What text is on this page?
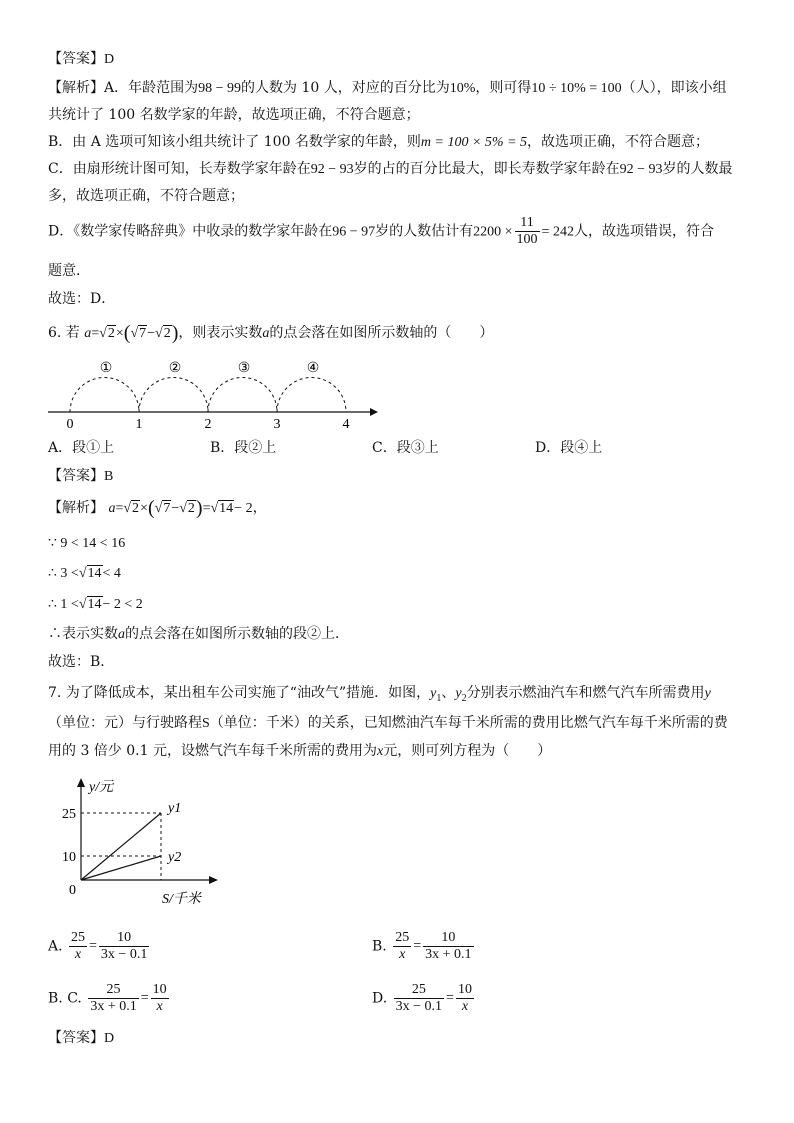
【答案】D
【解析】A．年龄范围为98 − 99的人数为 10 人，对应的百分比为10%，则可得10 ÷ 10% = 100（人），即该小组
共统计了 100 名数学家的年龄，故选项正确，不符合题意；
B．由 A 选项可知该小组共统计了 100 名数学家的年龄，则m = 100 × 5% = 5，故选项正确，不符合题意；
C．由扇形统计图可知，长寿数学家年龄在92 − 93岁的占的百分比最大，即长寿数学家年龄在92 − 93岁的人数最
多，故选项正确，不符合题意；
D．《数学家传略辞典》中收录的数学家年龄在96 − 97岁的人数估计有$2200 \times \frac{11}{100} = 242$人，故选项错误，符合
题意．
故选：D．
6. 若 a=√2×(√7−√2)，则表示实数a的点会落在如图所示数轴的（　　）
①	②	③	④
0	1	2	3	4
A．段①上	B．段②上	C．段③上	D．段④上
【答案】B
【解析】 a=√2×(√7−√2)=√14− 2，
∵ 9 < 14 < 16
∴ 3 <√14< 4
∴ 1 <√14− 2 < 2
∴表示实数a的点会落在如图所示数轴的段②上．
故选：B．
7. 为了降低成本，某出租车公司实施了“油改气”措施．如图，$y_1$、$y_2$分别表示燃油汽车和燃气汽车所需费用y
（单位：元）与行驶路程S（单位：千米）的关系，已知燃油汽车每千米所需的费用比燃气汽车每千米所需的费
用的 3 倍少 0.1 元，设燃气汽车每千米所需的费用为x元，则可列方程为（　　）
y/元
S/千米
25
10
0
y1
y2
A. $\frac{25}{x} = \frac{10}{3x - 0.1}$	B. $\frac{25}{x} = \frac{10}{3x + 0.1}$
B. C. $\frac{25}{3x + 0.1} = \frac{10}{x}$	D. $\frac{25}{3x - 0.1} = \frac{10}{x}$
【答案】D
